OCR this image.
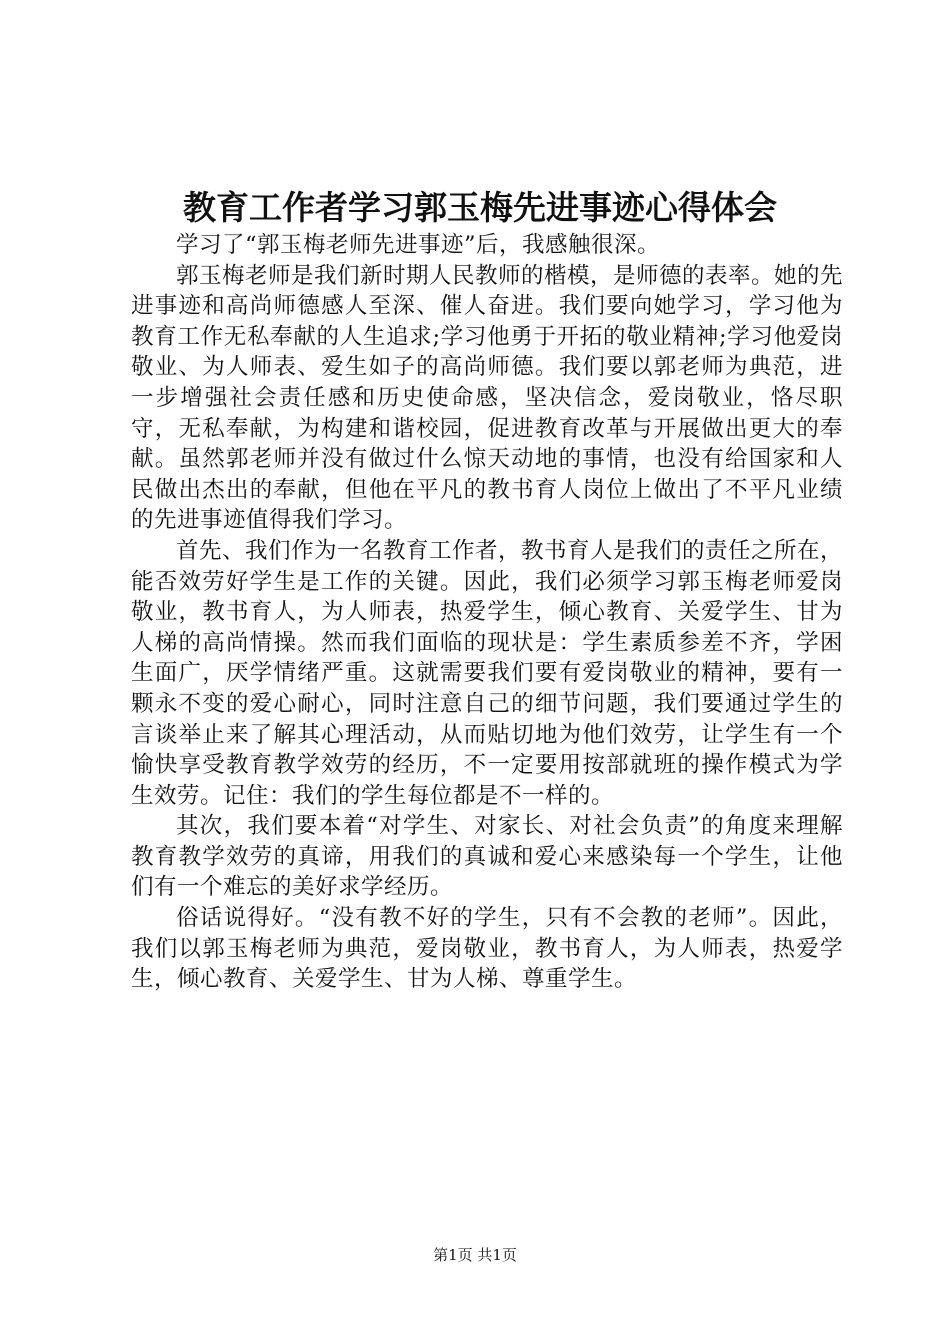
教育工作者学习郭玉梅先进事迹心得体会

学习了“郭玉梅老师先进事迹”后，我感触很深。

郭玉梅老师是我们新时期人民教师的楷模，是师德的表率。她的先进事迹和高尚师德感人至深、催人奋进。我们要向她学习，学习他为教育工作无私奉献的人生追求;学习他勇于开拓的敬业精神;学习他爱岗敬业、为人师表、爱生如子的高尚师德。我们要以郭老师为典范，进一步增强社会责任感和历史使命感，坚决信念，爱岗敬业，恪尽职守，无私奉献，为构建和谐校园，促进教育改革与开展做出更大的奉献。虽然郭老师并没有做过什么惊天动地的事情，也没有给国家和人民做出杰出的奉献，但他在平凡的教书育人岗位上做出了不平凡业绩的先进事迹值得我们学习。

首先、我们作为一名教育工作者，教书育人是我们的责任之所在，能否效劳好学生是工作的关键。因此，我们必须学习郭玉梅老师爱岗敬业，教书育人，为人师表，热爱学生，倾心教育、关爱学生、甘为人梯的高尚情操。然而我们面临的现状是：学生素质参差不齐，学困生面广，厌学情绪严重。这就需要我们要有爱岗敬业的精神，要有一颗永不变的爱心耐心，同时注意自己的细节问题，我们要通过学生的言谈举止来了解其心理活动，从而贴切地为他们效劳，让学生有一个愉快享受教育教学效劳的经历，不一定要用按部就班的操作模式为学生效劳。记住：我们的学生每位都是不一样的。

其次，我们要本着“对学生、对家长、对社会负责”的角度来理解教育教学效劳的真谛，用我们的真诚和爱心来感染每一个学生，让他们有一个难忘的美好求学经历。

俗话说得好。“没有教不好的学生，只有不会教的老师”。因此，我们以郭玉梅老师为典范，爱岗敬业，教书育人，为人师表，热爱学生，倾心教育、关爱学生、甘为人梯、尊重学生。

第1页 共1页
